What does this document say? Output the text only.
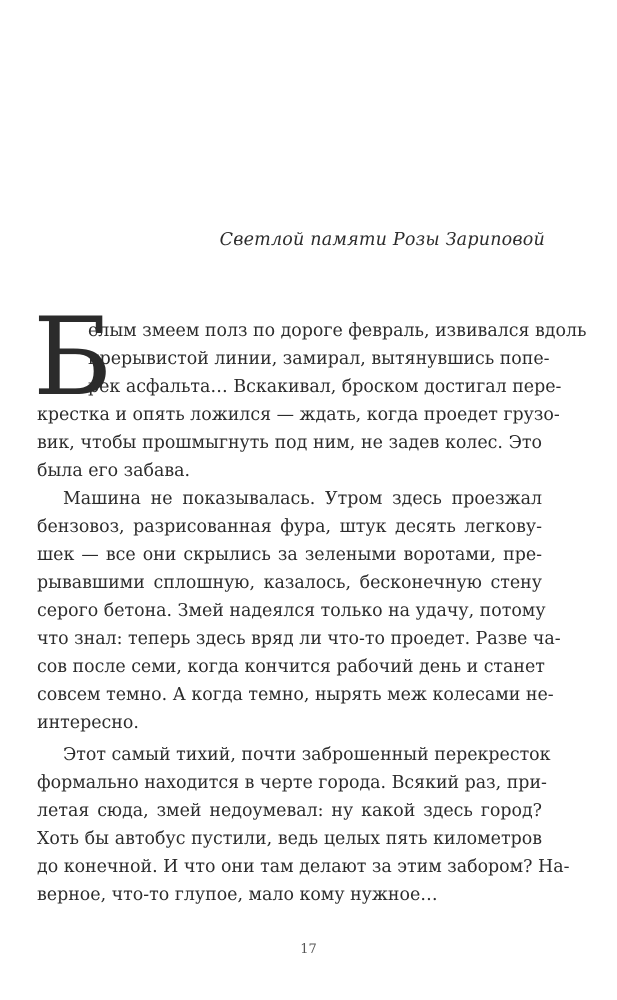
Светлой памяти Розы Зариповой
Б
елым змеем полз по дороге февраль, извивался вдоль
прерывистой линии, замирал, вытянувшись попе-
рек асфальта… Вскакивал, броском достигал пере-
крестка и опять ложился — ждать, когда проедет грузо-
вик, чтобы прошмыгнуть под ним, не задев колес. Это
была его забава.
Машина не показывалась. Утром здесь проезжал
бензовоз, разрисованная фура, штук десять легкову-
шек — все они скрылись за зелеными воротами, пре-
рывавшими сплошную, казалось, бесконечную стену
серого бетона. Змей надеялся только на удачу, потому
что знал: теперь здесь вряд ли что-то проедет. Разве ча-
сов после семи, когда кончится рабочий день и станет
совсем темно. А когда темно, нырять меж колесами не-
интересно.
Этот самый тихий, почти заброшенный перекресток
формально находится в черте города. Всякий раз, при-
летая сюда, змей недоумевал: ну какой здесь город?
Хоть бы автобус пустили, ведь целых пять километров
до конечной. И что они там делают за этим забором? На-
верное, что-то глупое, мало кому нужное…
17
